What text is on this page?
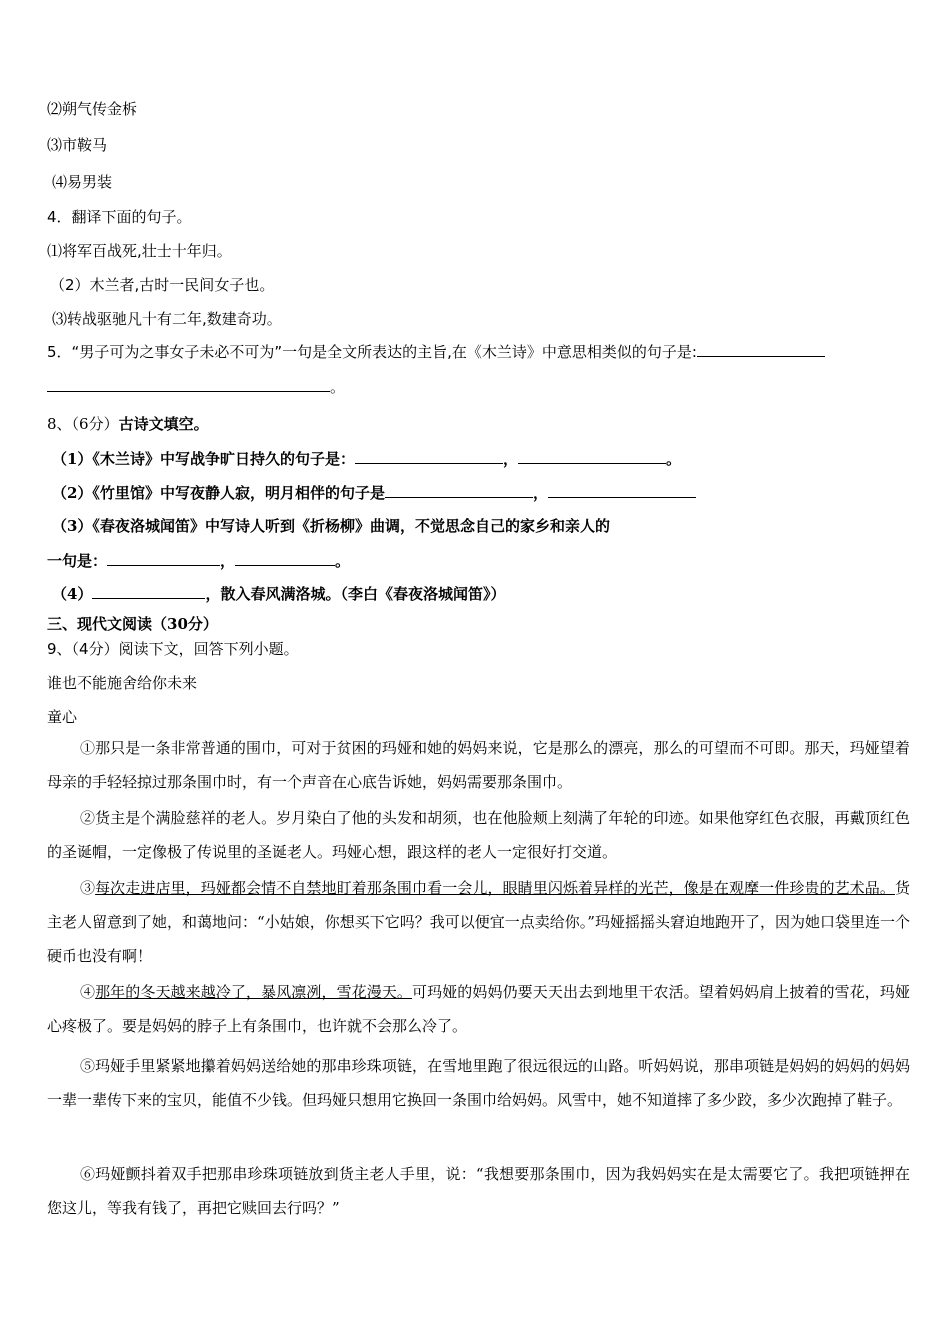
⑵朔气传金柝
⑶市鞍马
⑷易男装
4．翻译下面的句子。
⑴将军百战死,壮士十年归。
（2）木兰者,古时一民间女子也。
⑶转战驱驰凡十有二年,数建奇功。
5．“男子可为之事女子未必不可为”一句是全文所表达的主旨,在《木兰诗》中意思相类似的句子是:
。
8、（6分）古诗文填空。
（1）《木兰诗》中写战争旷日持久的句子是：	，	。
（2）《竹里馆》中写夜静人寂，明月相伴的句子是	，
（3）《春夜洛城闻笛》中写诗人听到《折杨柳》曲调，不觉思念自己的家乡和亲人的
一句是：	，	。
（4）	，散入春风满洛城。（李白《春夜洛城闻笛》）
三、现代文阅读（30分）
9、（4分）阅读下文，回答下列小题。
谁也不能施舍给你未来
童心
①那只是一条非常普通的围巾，可对于贫困的玛娅和她的妈妈来说，它是那么的漂亮，那么的可望而不可即。那天，玛娅望着母亲的手轻轻掠过那条围巾时，有一个声音在心底告诉她，妈妈需要那条围巾。
②货主是个满脸慈祥的老人。岁月染白了他的头发和胡须，也在他脸颊上刻满了年轮的印迹。如果他穿红色衣服，再戴顶红色的圣诞帽，一定像极了传说里的圣诞老人。玛娅心想，跟这样的老人一定很好打交道。
③每次走进店里，玛娅都会情不自禁地盯着那条围巾看一会儿，眼睛里闪烁着异样的光芒，像是在观摩一件珍贵的艺术品。货主老人留意到了她，和蔼地问：“小姑娘，你想买下它吗？我可以便宜一点卖给你。”玛娅摇摇头窘迫地跑开了，因为她口袋里连一个硬币也没有啊！
④那年的冬天越来越冷了，暴风凛冽，雪花漫天。可玛娅的妈妈仍要天天出去到地里干农活。望着妈妈肩上披着的雪花，玛娅心疼极了。要是妈妈的脖子上有条围巾，也许就不会那么冷了。
⑤玛娅手里紧紧地攥着妈妈送给她的那串珍珠项链，在雪地里跑了很远很远的山路。听妈妈说，那串项链是妈妈的妈妈的妈妈一辈一辈传下来的宝贝，能值不少钱。但玛娅只想用它换回一条围巾给妈妈。风雪中，她不知道摔了多少跤，多少次跑掉了鞋子。
⑥玛娅颤抖着双手把那串珍珠项链放到货主老人手里，说：“我想要那条围巾，因为我妈妈实在是太需要它了。我把项链押在您这儿，等我有钱了，再把它赎回去行吗？”
